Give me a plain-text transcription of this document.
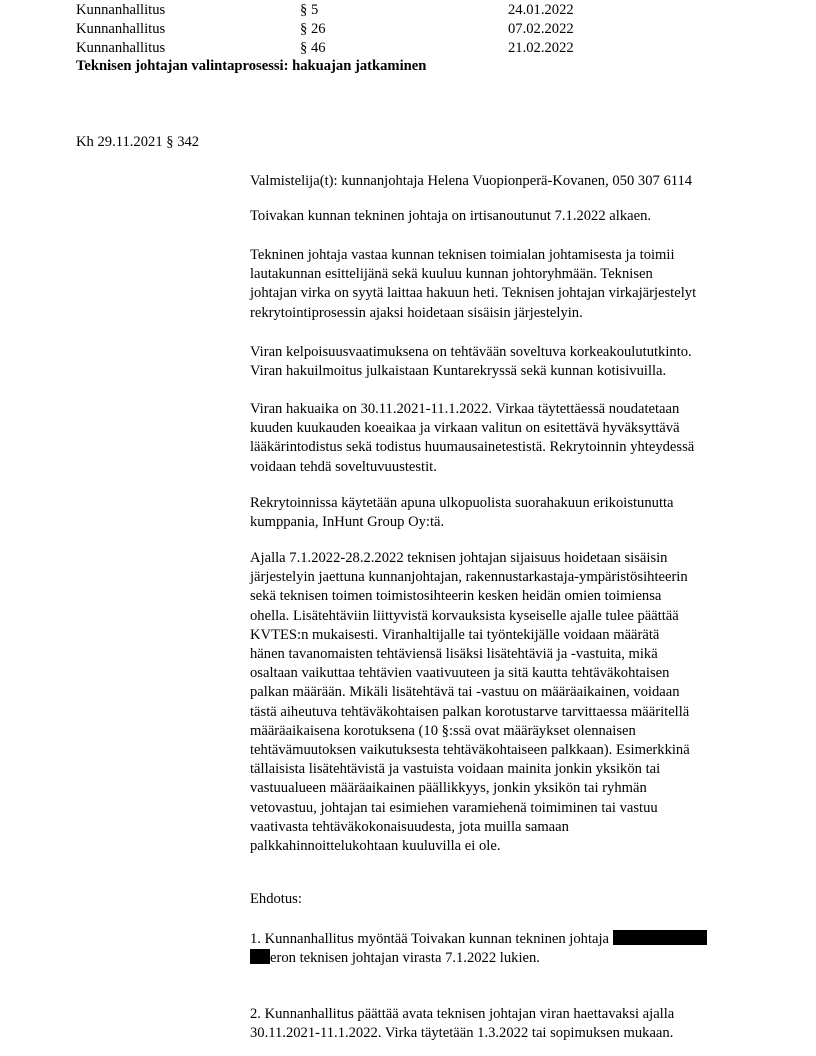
Kunnanhallitus	§ 5	24.01.2022
Kunnanhallitus	§ 26	07.02.2022
Kunnanhallitus	§ 46	21.02.2022
Teknisen johtajan valintaprosessi: hakuajan jatkaminen
Kh 29.11.2021 § 342

Valmistelija(t): kunnanjohtaja Helena Vuopionperä-Kovanen, 050 307 6114

Toivakan kunnan tekninen johtaja on irtisanoutunut 7.1.2022 alkaen.

Tekninen johtaja vastaa kunnan teknisen toimialan johtamisesta ja toimii

lautakunnan esittelijänä sekä kuuluu kunnan johtoryhmään. Teknisen

johtajan virka on syytä laittaa hakuun heti. Teknisen johtajan virkajärjestelyt

rekrytointiprosessin ajaksi hoidetaan sisäisin järjestelyin.

Viran kelpoisuusvaatimuksena on tehtävään soveltuva korkeakoulututkinto.

Viran hakuilmoitus julkaistaan Kuntarekryssä sekä kunnan kotisivuilla.

Viran hakuaika on 30.11.2021-11.1.2022. Virkaa täytettäessä noudatetaan

kuuden kuukauden koeaikaa ja virkaan valitun on esitettävä hyväksyttävä

lääkärintodistus sekä todistus huumausainetestistä. Rekrytoinnin yhteydessä

voidaan tehdä soveltuvuustestit.

Rekrytoinnissa käytetään apuna ulkopuolista suorahakuun erikoistunutta

kumppania, InHunt Group Oy:tä.

Ajalla 7.1.2022-28.2.2022 teknisen johtajan sijaisuus hoidetaan sisäisin

järjestelyin jaettuna kunnanjohtajan, rakennustarkastaja-ympäristösihteerin

sekä teknisen toimen toimistosihteerin kesken heidän omien toimiensa

ohella. Lisätehtäviin liittyvistä korvauksista kyseiselle ajalle tulee päättää

KVTES:n mukaisesti. Viranhaltijalle tai työntekijälle voidaan määrätä

hänen tavanomaisten tehtäviensä lisäksi lisätehtäviä ja -vastuita, mikä

osaltaan vaikuttaa tehtävien vaativuuteen ja sitä kautta tehtäväkohtaisen

palkan määrään. Mikäli lisätehtävä tai -vastuu on määräaikainen, voidaan

tästä aiheutuva tehtäväkohtaisen palkan korotustarve tarvittaessa määritellä

määräaikaisena korotuksena (10 §:ssä ovat määräykset olennaisen

tehtävämuutoksen vaikutuksesta tehtäväkohtaiseen palkkaan). Esimerkkinä

tällaisista lisätehtävistä ja vastuista voidaan mainita jonkin yksikön tai

vastuualueen määräaikainen päällikkyys, jonkin yksikön tai ryhmän

vetovastuu, johtajan tai esimiehen varamiehenä toimiminen tai vastuu

vaativasta tehtäväkokonaisuudesta, jota muilla samaan

palkkahinnoittelukohtaan kuuluvilla ei ole.

Ehdotus:

1. Kunnanhallitus myöntää Toivakan kunnan tekninen johtaja

eron teknisen johtajan virasta 7.1.2022 lukien.

2. Kunnanhallitus päättää avata teknisen johtajan viran haettavaksi ajalla

30.11.2021-11.1.2022. Virka täytetään 1.3.2022 tai sopimuksen mukaan.
